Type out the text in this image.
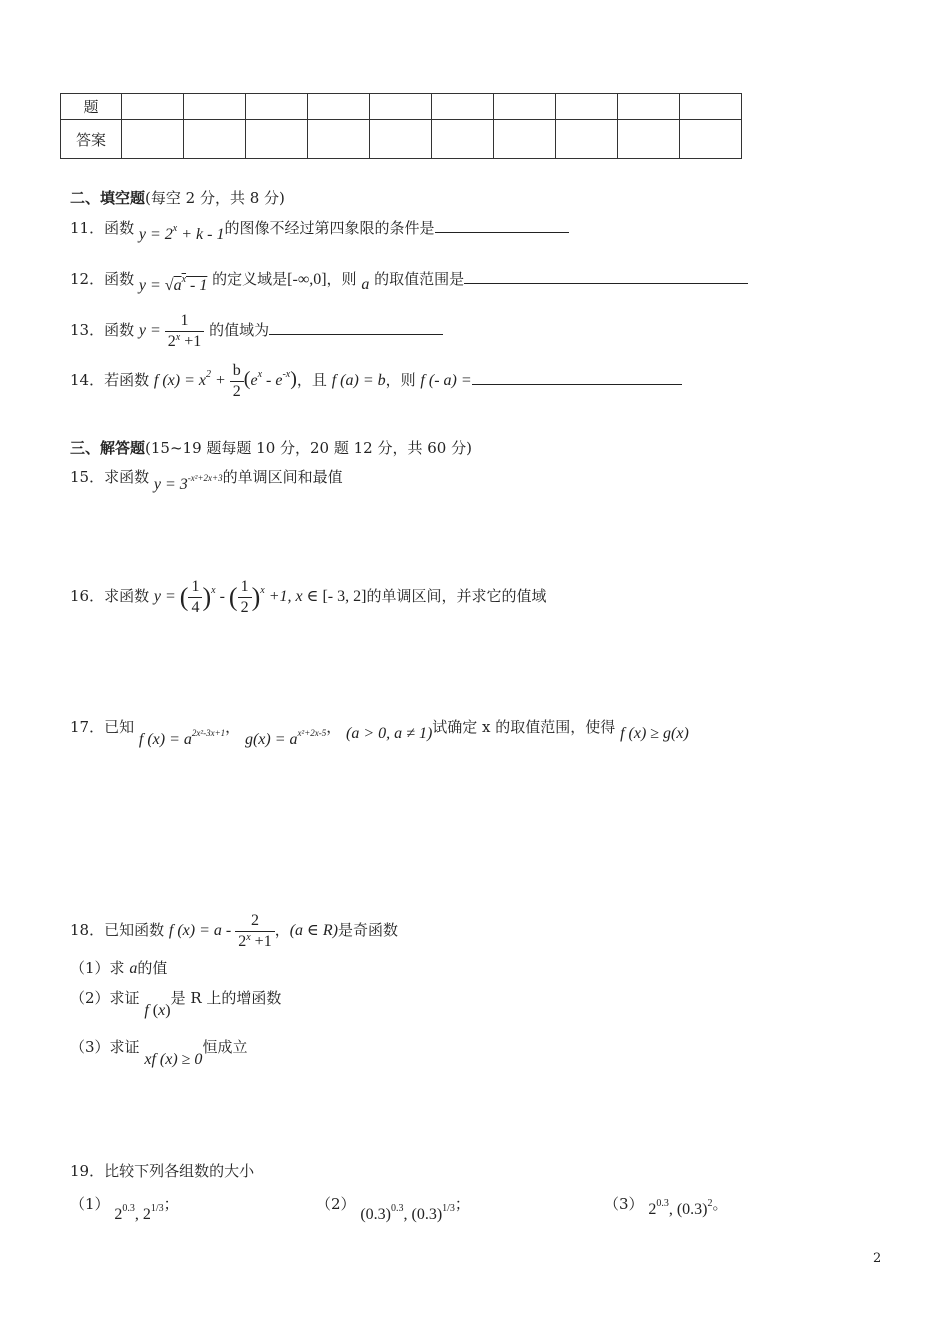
题										
答案										
二、填空题(每空 2 分，共 8 分)
11．函数 $y = 2^x + k - 1$的图像不经过第四象限的条件是
12．函数 $y = √a^x - 1$ 的定义域是[-∞,0]，则 a 的取值范围是
13．函数 $y = \frac{1}{2^x +1}$ 的值域为
14．若函数 f $(x) = x^2 + \frac{b}{2} (e^x - e^{-x})$，且 f (a) = b，则 f (- a) =
三、解答题(15~19 题每题 10 分，20 题 12 分，共 60 分)
15．求函数 $y = 3^{-x^2+2x+3}$的单调区间和最值
16．求函数 y = ( $\frac{1}{4} )^x$ - ( $\frac{1}{2} )^x +1$, x ∈ [- 3, 2]的单调区间，并求它的值域
17．已知 f $(x) = a^{2x^2-3x+1}$， $g(x) = a^{x^2+2x-5}$， (a > 0, a ≠ 1)试确定 x 的取值范围，使得 f (x) ≥ g(x)
18．已知函数 f $(x) = a - \frac{2}{2^x +1}$ ，(a ∈ R)是奇函数
（1）求 a的值
（2）求证 f (x)是 R 上的增函数
（3）求证 xf (x) ≥ 0恒成立
19．比较下列各组数的大小
（1） $2^{0.3}$, $2^{1/3}$；	（2） $(0.3)^{0.3}$, $(0.3)^{1/3}$；	（3） $2^{0.3}$, $(0.3)^2$。
2
